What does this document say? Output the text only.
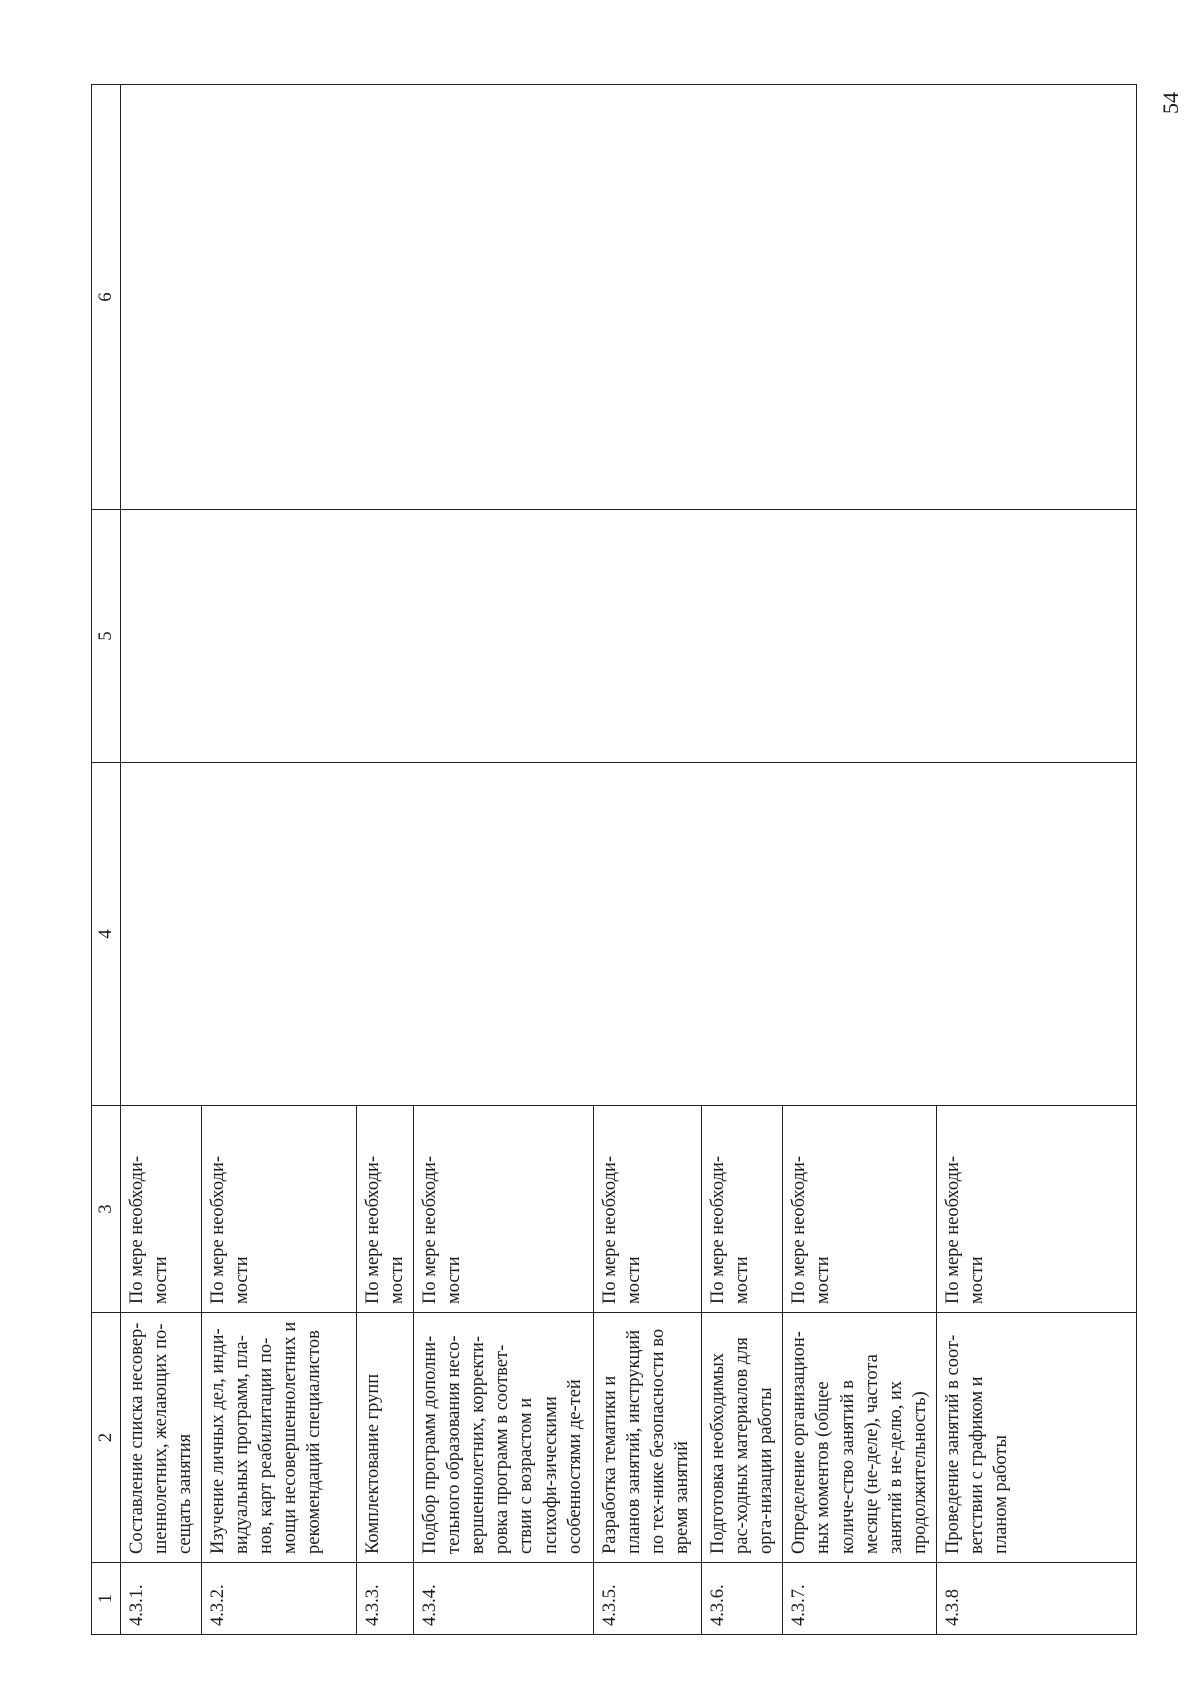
54
1	2	3	4	5	6
4.3.1.	Составление списка несовер-шеннолетних, желающих по-сещать занятия	По мере необходи-мости			
4.3.2.	Изучение личных дел, инди-видуальных программ, пла-нов, карт реабилитации по-мощи несовершеннолетних и рекомендаций специалистов	По мере необходи-мости			
4.3.3.	Комплектование групп	По мере необходи-мости			
4.3.4.	Подбор программ дополни-тельного образования несо-вершеннолетних, корректи-ровка программ в соответ-ствии с возрастом и психофи-зическими особенностями де-тей	По мере необходи-мости			
4.3.5.	Разработка тематики и планов занятий, инструкций по тех-нике безопасности во время занятий	По мере необходи-мости			
4.3.6.	Подготовка необходимых рас-ходных материалов для орга-низации работы	По мере необходи-мости			
4.3.7.	Определение организацион-ных моментов (общее количе-ство занятий в месяце (не-деле), частота занятий в не-делю, их продолжительность)	По мере необходи-мости			
4.3.8	Проведение занятий в соот-ветствии с графиком и планом работы	По мере необходи-мости			
